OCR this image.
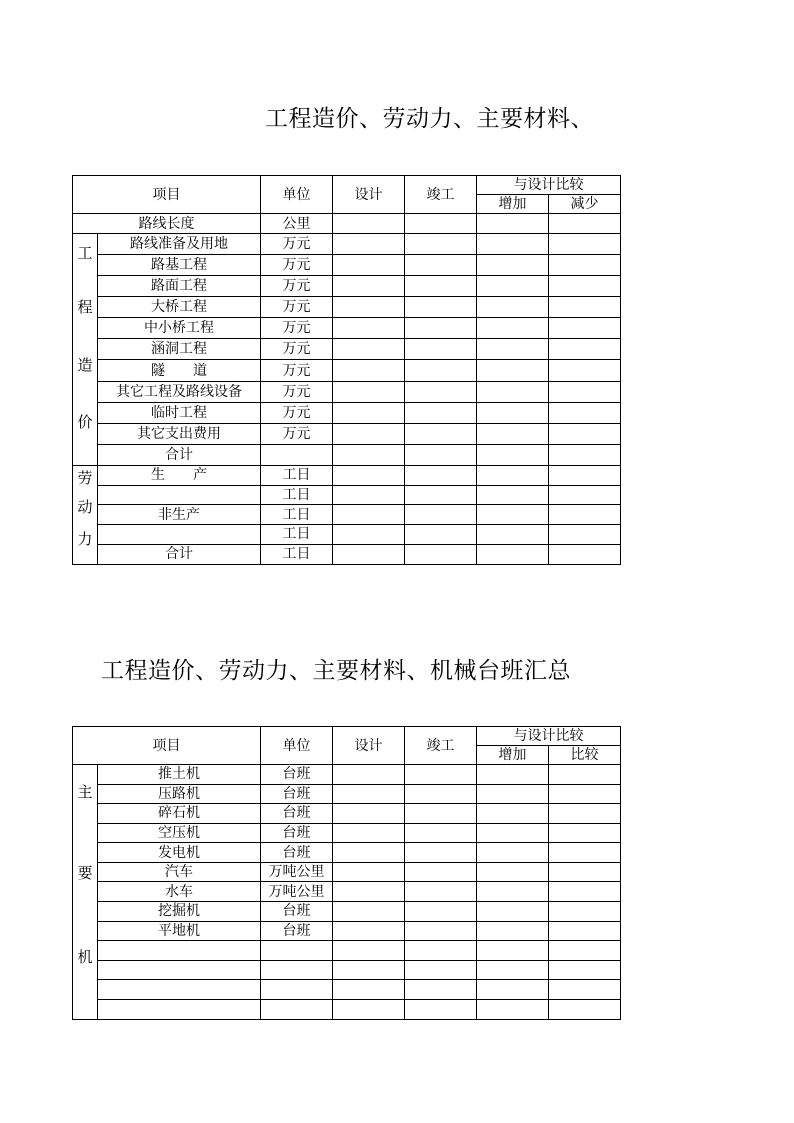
工程造价、劳动力、主要材料、
项目		单位	设计	竣工	与设计比较	
					增加	减少
路线长度		公里				

工
程
造
价	路线准备及用地	万元				
	路基工程	万元				
	路面工程	万元				
	大桥工程	万元				
	中小桥工程	万元				
	涵洞工程	万元				
	隧　　道	万元				
	其它工程及路线设备	万元				
	临时工程	万元				
	其它支出费用	万元				
	合计					

劳
动
力	生　　产	工日				
		工日				
	非生产	工日				
		工日				
	合计	工日				
工程造价、劳动力、主要材料、机械台班汇总
项目		单位	设计	竣工	与设计比较	
					增加	比较

主
要
机	推土机	台班				
	压路机	台班				
	碎石机	台班				
	空压机	台班				
	发电机	台班				
	汽车	万吨公里				
	水车	万吨公里				
	挖掘机	台班				
	平地机	台班				
